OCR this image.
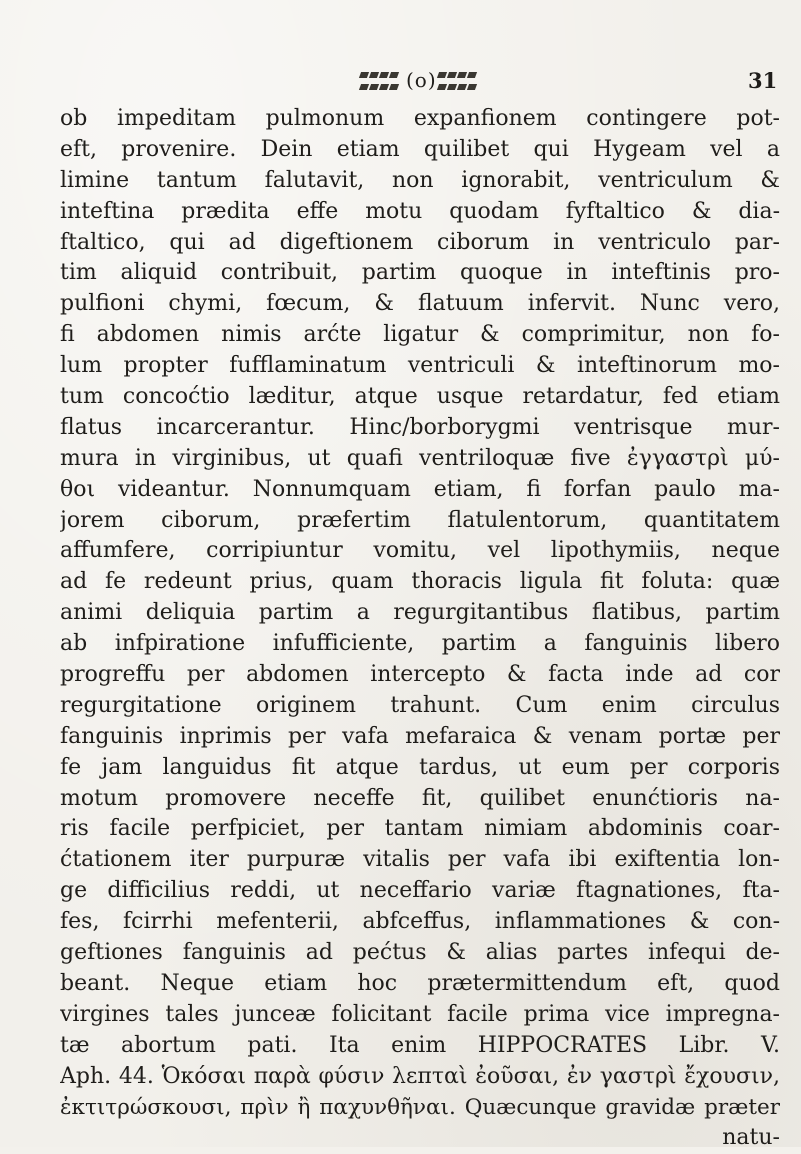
(o)	31
ob impeditam pulmonum expanfionem contingere pot-
eft, provenire. Dein etiam quilibet qui Hygeam vel a
limine tantum falutavit, non ignorabit, ventriculum &
inteftina prædita effe motu quodam fyftaltico & dia-
ftaltico, qui ad digeftionem ciborum in ventriculo par-
tim aliquid contribuit, partim quoque in inteftinis pro-
pulfioni chymi, fœcum, & flatuum infervit. Nunc vero,
fi abdomen nimis arćte ligatur & comprimitur, non fo-
lum propter fufflaminatum ventriculi & inteftinorum mo-
tum concoćtio læditur, atque usque retardatur, fed etiam
flatus incarcerantur. Hinc/borborygmi ventrisque mur-
mura in virginibus, ut quafi ventriloquæ five ἐγγαστρὶ μύ-
θοι videantur. Nonnumquam etiam, fi forfan paulo ma-
jorem ciborum, præfertim flatulentorum, quantitatem
affumfere, corripiuntur vomitu, vel lipothymiis, neque
ad fe redeunt prius, quam thoracis ligula fit foluta: quæ
animi deliquia partim a regurgitantibus flatibus, partim
ab infpiratione infufficiente, partim a fanguinis libero
progreffu per abdomen intercepto & facta inde ad cor
regurgitatione originem trahunt. Cum enim circulus
fanguinis inprimis per vafa mefaraica & venam portæ per
fe jam languidus fit atque tardus, ut eum per corporis
motum promovere neceffe fit, quilibet enunćtioris na-
ris facile perfpiciet, per tantam nimiam abdominis coar-
ćtationem iter purpuræ vitalis per vafa ibi exiftentia lon-
ge difficilius reddi, ut neceffario variæ ftagnationes, fta-
fes, fcirrhi mefenterii, abfceffus, inflammationes & con-
geftiones fanguinis ad pećtus & alias partes infequi de-
beant. Neque etiam hoc prætermittendum eft, quod
virgines tales junceæ folicitant facile prima vice impregna-
tæ abortum pati. Ita enim HIPPOCRATES Libr. V.
Aph. 44. Ὁκόσαι παρὰ φύσιν λεπταὶ ἐοῦσαι, ἐν γαστρὶ ἔχουσιν,
ἐκτιτρώσκουσι, πρὶν ἢ παχυνθῆναι. Quæcunque gravidæ præter
natu-
